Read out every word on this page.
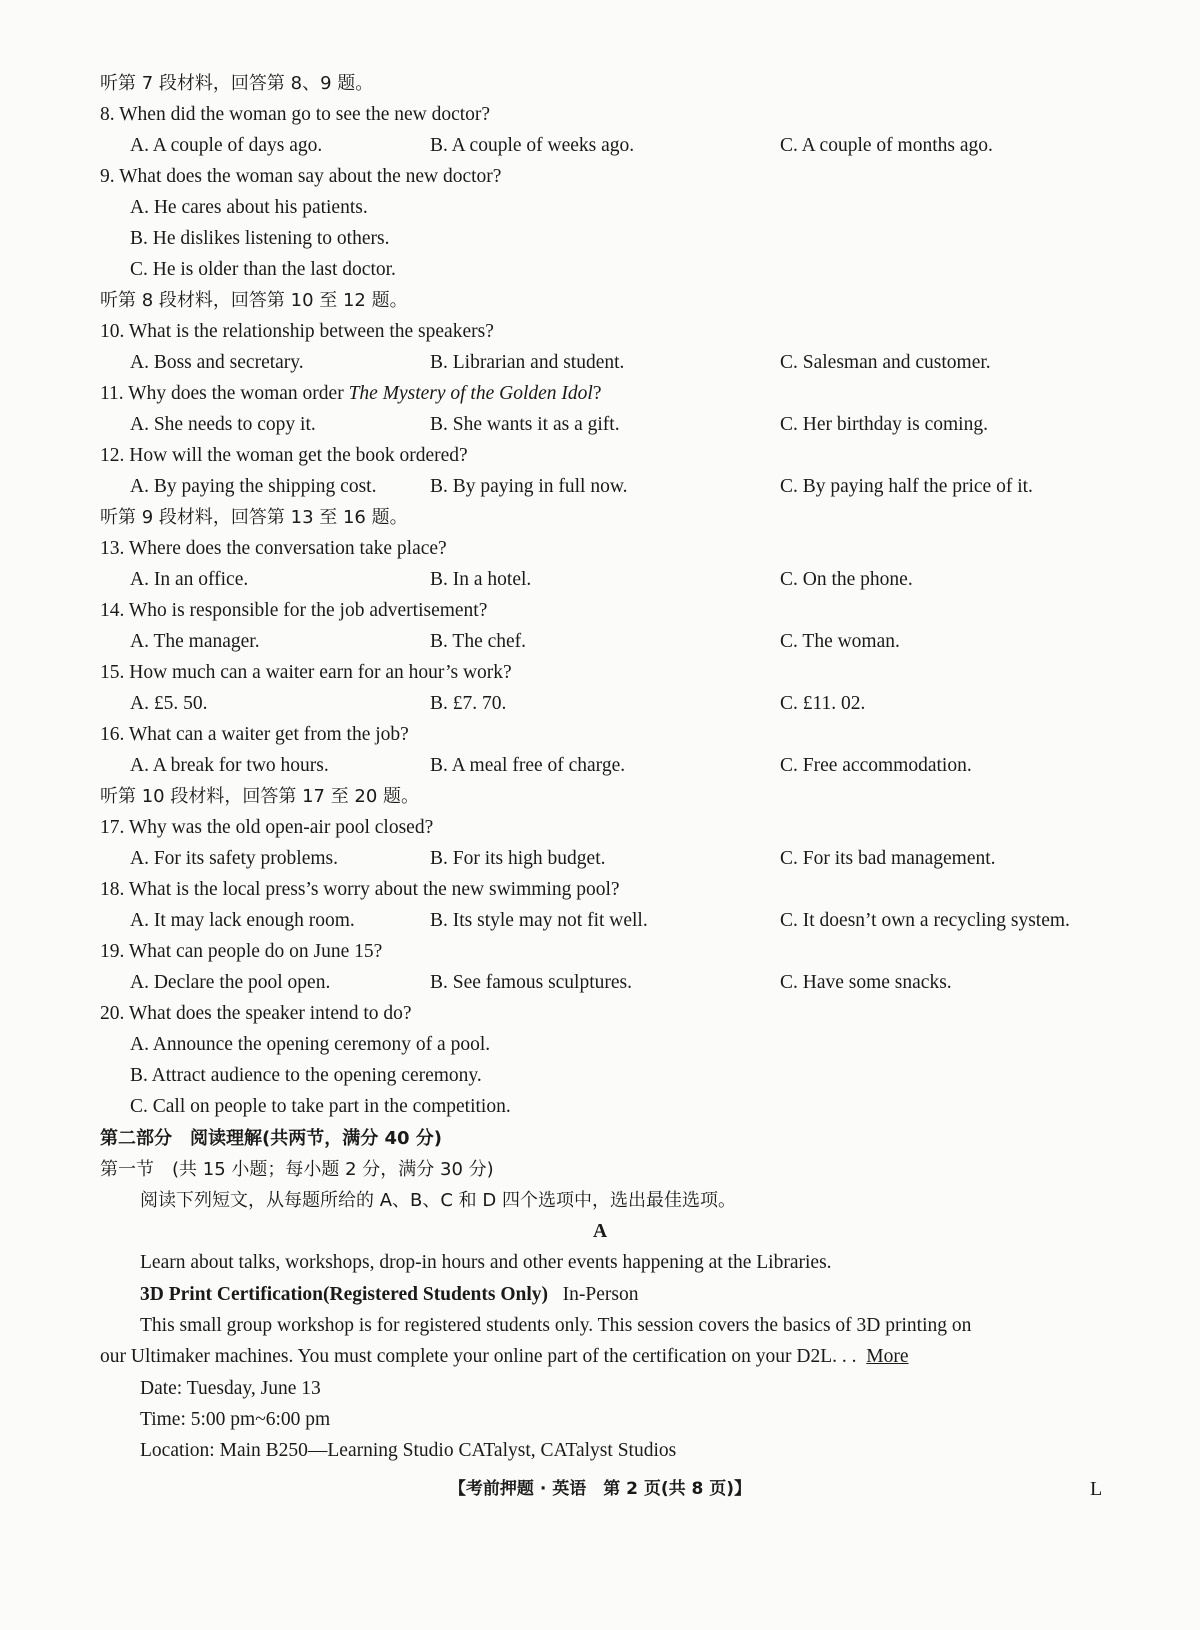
听第 7 段材料，回答第 8、9 题。
8. When did the woman go to see the new doctor?
A. A couple of days ago.	B. A couple of weeks ago.	C. A couple of months ago.
9. What does the woman say about the new doctor?
A. He cares about his patients.
B. He dislikes listening to others.
C. He is older than the last doctor.
听第 8 段材料，回答第 10 至 12 题。
10. What is the relationship between the speakers?
A. Boss and secretary.	B. Librarian and student.	C. Salesman and customer.
11. Why does the woman order The Mystery of the Golden Idol?
A. She needs to copy it.	B. She wants it as a gift.	C. Her birthday is coming.
12. How will the woman get the book ordered?
A. By paying the shipping cost.	B. By paying in full now.	C. By paying half the price of it.
听第 9 段材料，回答第 13 至 16 题。
13. Where does the conversation take place?
A. In an office.	B. In a hotel.	C. On the phone.
14. Who is responsible for the job advertisement?
A. The manager.	B. The chef.	C. The woman.
15. How much can a waiter earn for an hour’s work?
A. £5. 50.	B. £7. 70.	C. £11. 02.
16. What can a waiter get from the job?
A. A break for two hours.	B. A meal free of charge.	C. Free accommodation.
听第 10 段材料，回答第 17 至 20 题。
17. Why was the old open-air pool closed?
A. For its safety problems.	B. For its high budget.	C. For its bad management.
18. What is the local press’s worry about the new swimming pool?
A. It may lack enough room.	B. Its style may not fit well.	C. It doesn’t own a recycling system.
19. What can people do on June 15?
A. Declare the pool open.	B. See famous sculptures.	C. Have some snacks.
20. What does the speaker intend to do?
A. Announce the opening ceremony of a pool.
B. Attract audience to the opening ceremony.
C. Call on people to take part in the competition.
第二部分　阅读理解(共两节，满分 40 分)
第一节　(共 15 小题；每小题 2 分，满分 30 分)
阅读下列短文，从每题所给的 A、B、C 和 D 四个选项中，选出最佳选项。
A
Learn about talks, workshops, drop-in hours and other events happening at the Libraries.
3D Print Certification(Registered Students Only) In-Person
This small group workshop is for registered students only. This session covers the basics of 3D printing on
our Ultimaker machines. You must complete your online part of the certification on your D2L. . . More
Date: Tuesday, June 13
Time: 5:00 pm~6:00 pm
Location: Main B250—Learning Studio CATalyst, CATalyst Studios
【考前押题 · 英语　第 2 页(共 8 页)】	L
